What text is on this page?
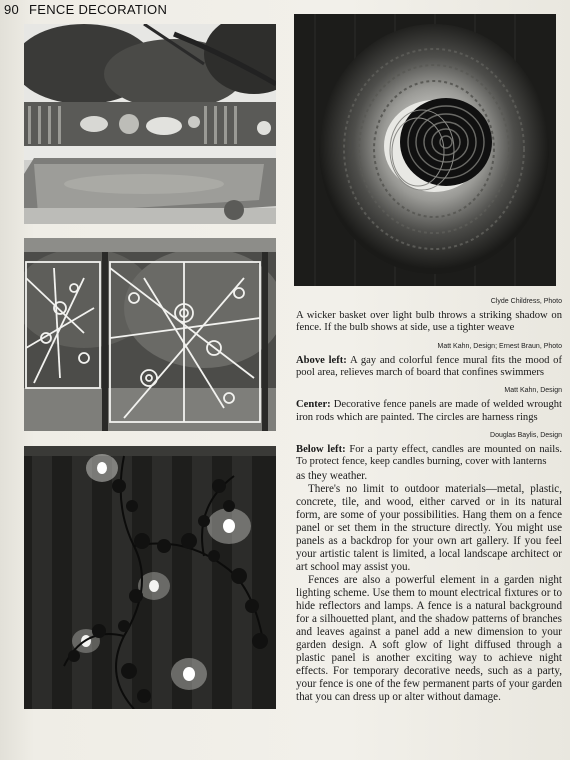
90 FENCE DECORATION
Clyde Childress, Photo

A wicker basket over light bulb throws a striking shadow on fence. If the bulb shows at side, use a tighter weave

Matt Kahn, Design; Ernest Braun, Photo

Above left: A gay and colorful fence mural fits the mood of pool area, relieves march of board that confines swimmers

Matt Kahn, Design

Center: Decorative fence panels are made of welded wrought iron rods which are painted. The circles are harness rings

Douglas Baylis, Design

Below left: For a party effect, candles are mounted on nails. To protect fence, keep candles burning, cover with lanterns

as they weather.

There's no limit to outdoor materials—metal, plastic, concrete, tile, and wood, either carved or in its natural form, are some of your possibilities. Hang them on a fence panel or set them in the structure directly. You might use panels as a backdrop for your own art gallery. If you feel your artistic talent is limited, a local landscape architect or art school may assist you.

Fences are also a powerful element in a garden night lighting scheme. Use them to mount electrical fixtures or to hide reflectors and lamps. A fence is a natural background for a silhouetted plant, and the shadow patterns of branches and leaves against a panel add a new dimension to your garden design. A soft glow of light diffused through a plastic panel is another exciting way to achieve night effects. For temporary decorative needs, such as a party, your fence is one of the few permanent parts of your garden that you can dress up or alter without damage.
